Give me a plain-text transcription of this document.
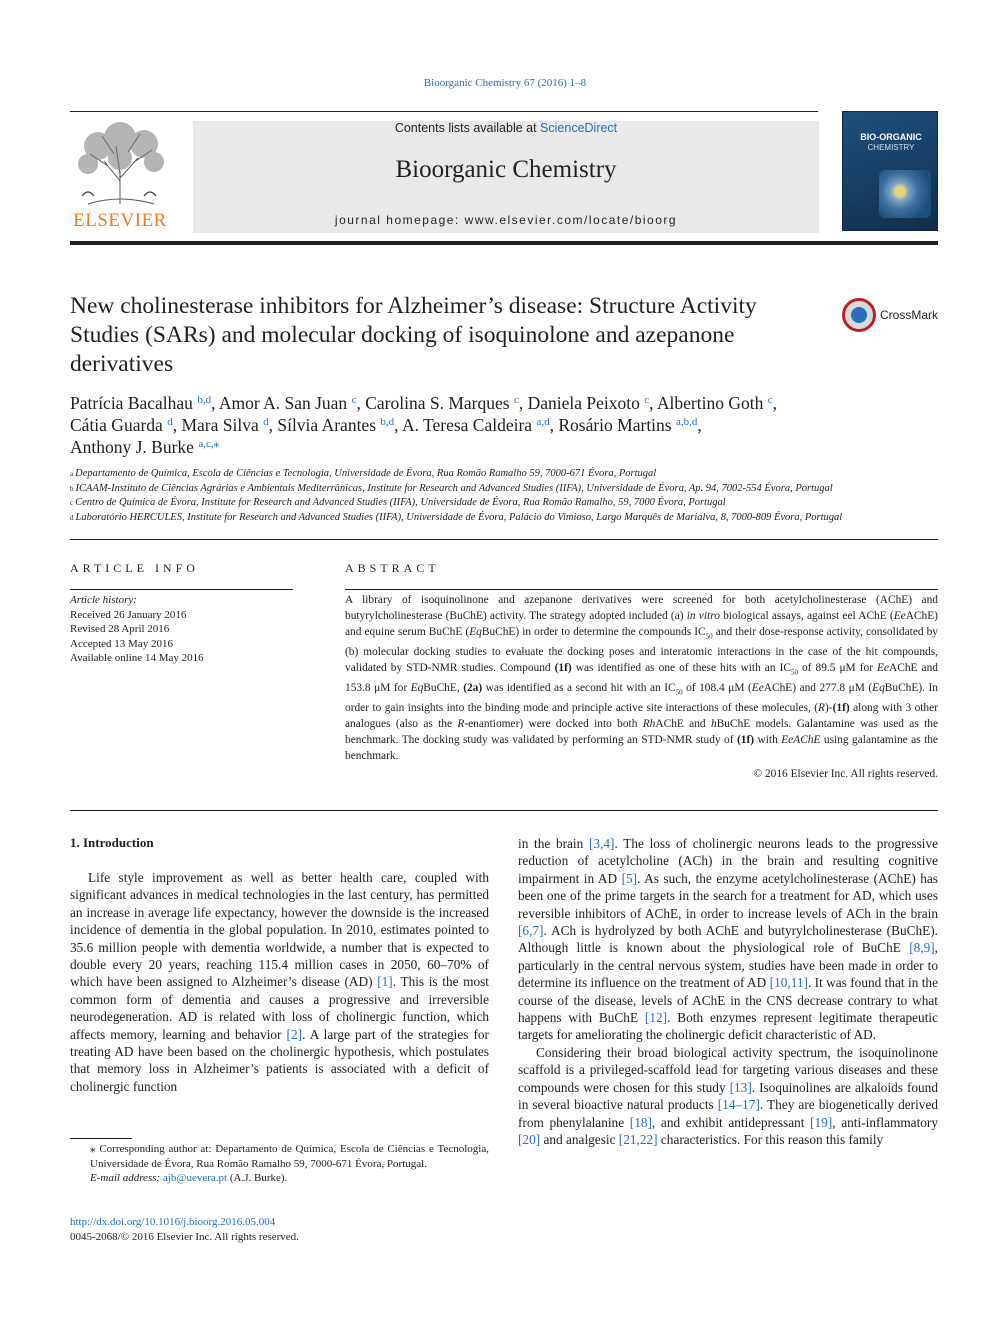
Bioorganic Chemistry 67 (2016) 1–8
ELSEVIER
Contents lists available at ScienceDirect
Bioorganic Chemistry
journal homepage: www.elsevier.com/locate/bioorg
BIO-ORGANIC
CHEMISTRY
New cholinesterase inhibitors for Alzheimer’s disease: Structure Activity Studies (SARs) and molecular docking of isoquinolone and azepanone derivatives
CrossMark
Patrícia Bacalhau $^{b,d}$, Amor A. San Juan $^c$, Carolina S. Marques $^c$, Daniela Peixoto $^c$, Albertino Goth $^c$,
Cátia Guarda $^d$, Mara Silva $^d$, Sílvia Arantes $^{b,d}$, A. Teresa Caldeira $^{a,d}$, Rosário Martins $^{a,b,d}$,
Anthony J. Burke $^{a,c,⁎}$
$^a$ Departamento de Química, Escola de Ciências e Tecnologia, Universidade de Évora, Rua Romão Ramalho 59, 7000-671 Évora, Portugal
$^b$ ICAAM-Instituto de Ciências Agrárias e Ambientais Mediterrânicas, Institute for Research and Advanced Studies (IIFA), Universidade de Évora, Ap. 94, 7002-554 Évora, Portugal
$^c$ Centro de Química de Évora, Institute for Research and Advanced Studies (IIFA), Universidade de Évora, Rua Romão Ramalho, 59, 7000 Évora, Portugal
$^d$ Laboratório HERCULES, Institute for Research and Advanced Studies (IIFA), Universidade de Évora, Palácio do Vimioso, Largo Marquês de Marialva, 8, 7000-809 Évora, Portugal
ARTICLE INFO	ABSTRACT
Article history:
Received 26 January 2016
Revised 28 April 2016
Accepted 13 May 2016
Available online 14 May 2016
A library of isoquinolinone and azepanone derivatives were screened for both acetylcholinesterase (AChE) and butyrylcholinesterase (BuChE) activity. The strategy adopted included (a) in vitro biological assays, against eel AChE (EeAChE) and equine serum BuChE (EqBuChE) in order to determine the compounds $IC_{50}$ and their dose-response activity, consolidated by (b) molecular docking studies to evaluate the docking poses and interatomic interactions in the case of the hit compounds, validated by STD-NMR studies. Compound (1f) was identified as one of these hits with an $IC_{50}$ of 89.5 μM for EeAChE and 153.8 μM for EqBuChE, (2a) was identified as a second hit with an $IC_{50}$ of 108.4 μM (EeAChE) and 277.8 μM (EqBuChE). In order to gain insights into the binding mode and principle active site interactions of these molecules, (R)-(1f) along with 3 other analogues (also as the R-enantiomer) were docked into both RhAChE and hBuChE models. Galantamine was used as the benchmark. The docking study was validated by performing an STD-NMR study of (1f) with EeAChE using galantamine as the benchmark.
© 2016 Elsevier Inc. All rights reserved.
1. Introduction

Life style improvement as well as better health care, coupled with significant advances in medical technologies in the last century, has permitted an increase in average life expectancy, however the downside is the increased incidence of dementia in the global population. In 2010, estimates pointed to 35.6 million people with dementia worldwide, a number that is expected to double every 20 years, reaching 115.4 million cases in 2050, 60–70% of which have been assigned to Alzheimer’s disease (AD) [1]. This is the most common form of dementia and causes a progressive and irreversible neurodegeneration. AD is related with loss of cholinergic function, which affects memory, learning and behavior [2]. A large part of the strategies for treating AD have been based on the cholinergic hypothesis, which postulates that memory loss in Alzheimer’s patients is associated with a deficit of cholinergic function

in the brain [3,4]. The loss of cholinergic neurons leads to the progressive reduction of acetylcholine (ACh) in the brain and resulting cognitive impairment in AD [5]. As such, the enzyme acetylcholinesterase (AChE) has been one of the prime targets in the search for a treatment for AD, which uses reversible inhibitors of AChE, in order to increase levels of ACh in the brain [6,7]. ACh is hydrolyzed by both AChE and butyrylcholinesterase (BuChE). Although little is known about the physiological role of BuChE [8,9], particularly in the central nervous system, studies have been made in order to determine its influence on the treatment of AD [10,11]. It was found that in the course of the disease, levels of AChE in the CNS decrease contrary to what happens with BuChE [12]. Both enzymes represent legitimate therapeutic targets for ameliorating the cholinergic deficit characteristic of AD.

Considering their broad biological activity spectrum, the isoquinolinone scaffold is a privileged-scaffold lead for targeting various diseases and these compounds were chosen for this study [13]. Isoquinolines are alkaloids found in several bioactive natural products [14–17]. They are biogenetically derived from phenylalanine [18], and exhibit antidepressant [19], anti-inflammatory [20] and analgesic [21,22] characteristics. For this reason this family

⁎ Corresponding author at: Departamento de Química, Escola de Ciências e Tecnologia, Universidade de Évora, Rua Romão Ramalho 59, 7000-671 Évora, Portugal.
E-mail address: ajb@uevera.pt (A.J. Burke).
http://dx.doi.org/10.1016/j.bioorg.2016.05.004
0045-2068/© 2016 Elsevier Inc. All rights reserved.
